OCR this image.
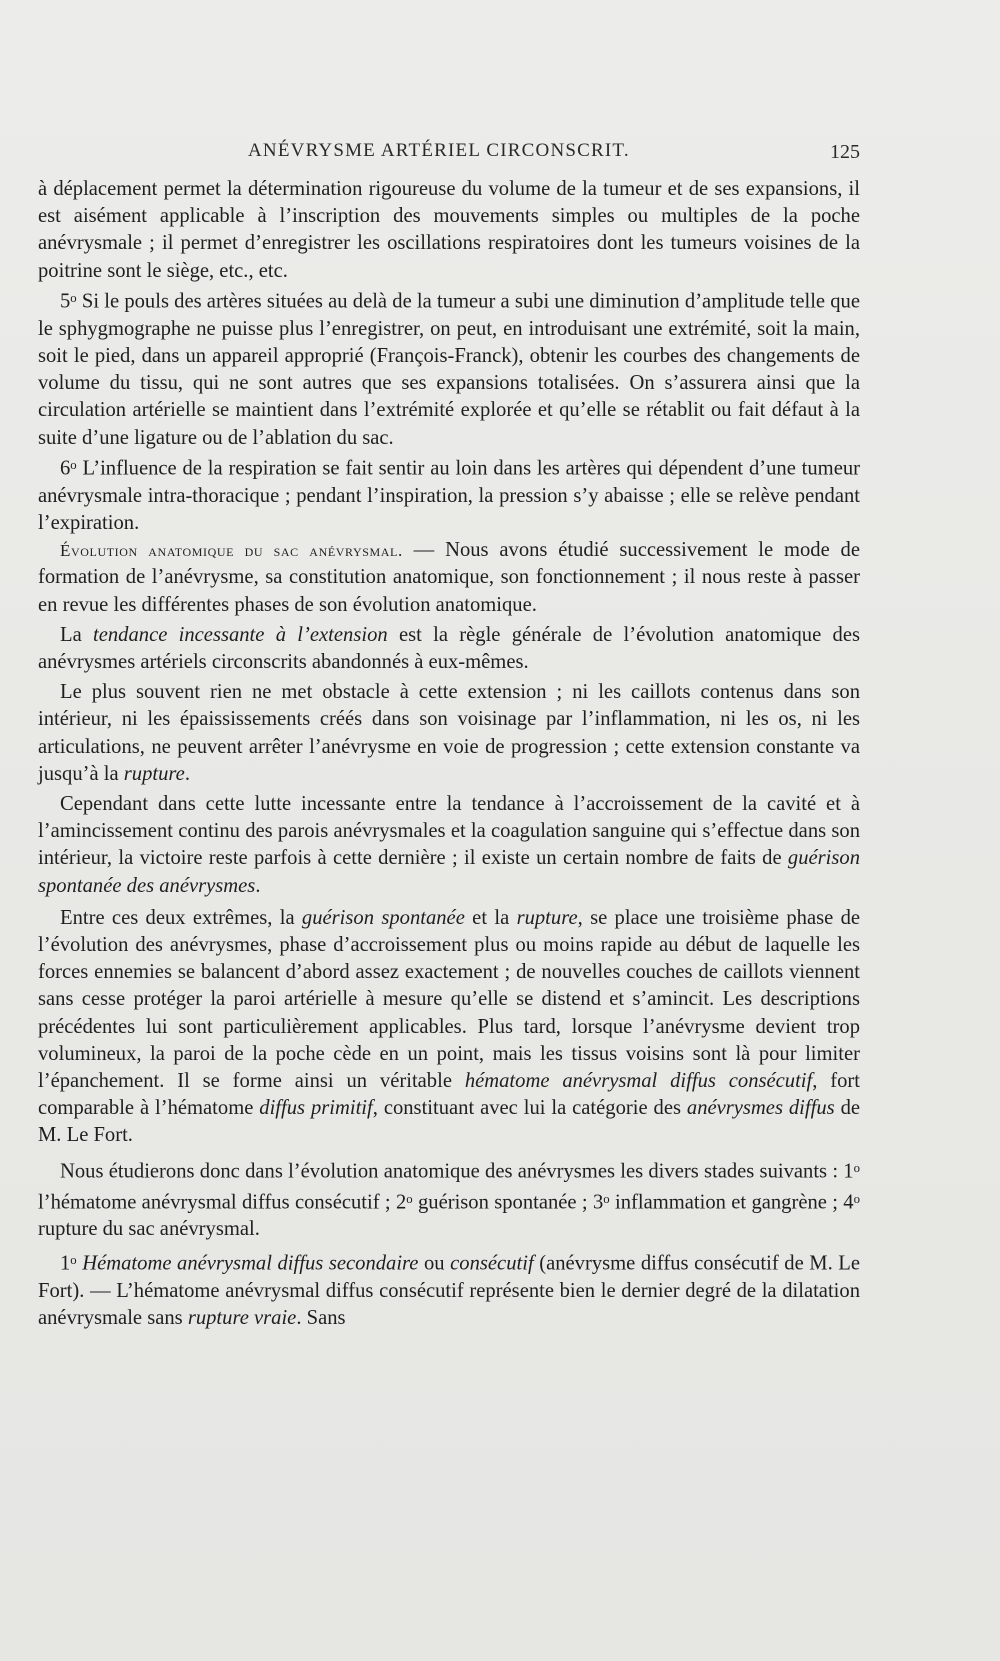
ANÉVRYSME ARTÉRIEL CIRCONSCRIT.	125

à déplacement permet la détermination rigoureuse du volume de la tumeur et de ses expansions, il est aisément applicable à l’inscription des mouvements simples ou multiples de la poche anévrysmale ; il permet d’enregistrer les oscillations respiratoires dont les tumeurs voisines de la poitrine sont le siège, etc., etc.

5$^o$ Si le pouls des artères situées au delà de la tumeur a subi une diminution d’amplitude telle que le sphygmographe ne puisse plus l’enregistrer, on peut, en introduisant une extrémité, soit la main, soit le pied, dans un appareil approprié (François-Franck), obtenir les courbes des changements de volume du tissu, qui ne sont autres que ses expansions totalisées. On s’assurera ainsi que la circulation artérielle se maintient dans l’extrémité explorée et qu’elle se rétablit ou fait défaut à la suite d’une ligature ou de l’ablation du sac.

6$^o$ L’influence de la respiration se fait sentir au loin dans les artères qui dépendent d’une tumeur anévrysmale intra-thoracique ; pendant l’inspiration, la pression s’y abaisse ; elle se relève pendant l’expiration.

Évolution anatomique du sac anévrysmal. — Nous avons étudié successivement le mode de formation de l’anévrysme, sa constitution anatomique, son fonctionnement ; il nous reste à passer en revue les différentes phases de son évolution anatomique.

La tendance incessante à l’extension est la règle générale de l’évolution anatomique des anévrysmes artériels circonscrits abandonnés à eux-mêmes.

Le plus souvent rien ne met obstacle à cette extension ; ni les caillots contenus dans son intérieur, ni les épaississements créés dans son voisinage par l’inflammation, ni les os, ni les articulations, ne peuvent arrêter l’anévrysme en voie de progression ; cette extension constante va jusqu’à la rupture.

Cependant dans cette lutte incessante entre la tendance à l’accroissement de la cavité et à l’amincissement continu des parois anévrysmales et la coagulation sanguine qui s’effectue dans son intérieur, la victoire reste parfois à cette dernière ; il existe un certain nombre de faits de guérison spontanée des anévrysmes.

Entre ces deux extrêmes, la guérison spontanée et la rupture, se place une troisième phase de l’évolution des anévrysmes, phase d’accroissement plus ou moins rapide au début de laquelle les forces ennemies se balancent d’abord assez exactement ; de nouvelles couches de caillots viennent sans cesse protéger la paroi artérielle à mesure qu’elle se distend et s’amincit. Les descriptions précédentes lui sont particulièrement applicables. Plus tard, lorsque l’anévrysme devient trop volumineux, la paroi de la poche cède en un point, mais les tissus voisins sont là pour limiter l’épanchement. Il se forme ainsi un véritable hématome anévrysmal diffus consécutif, fort comparable à l’hématome diffus primitif, constituant avec lui la catégorie des anévrysmes diffus de M. Le Fort.

Nous étudierons donc dans l’évolution anatomique des anévrysmes les divers stades suivants : 1$^o$ l’hématome anévrysmal diffus consécutif ; 2$^o$ guérison spontanée ; 3$^o$ inflammation et gangrène ; 4$^o$ rupture du sac anévrysmal.

1$^o$ Hématome anévrysmal diffus secondaire ou consécutif (anévrysme diffus consécutif de M. Le Fort). — L’hématome anévrysmal diffus consécutif représente bien le dernier degré de la dilatation anévrysmale sans rupture vraie. Sans
